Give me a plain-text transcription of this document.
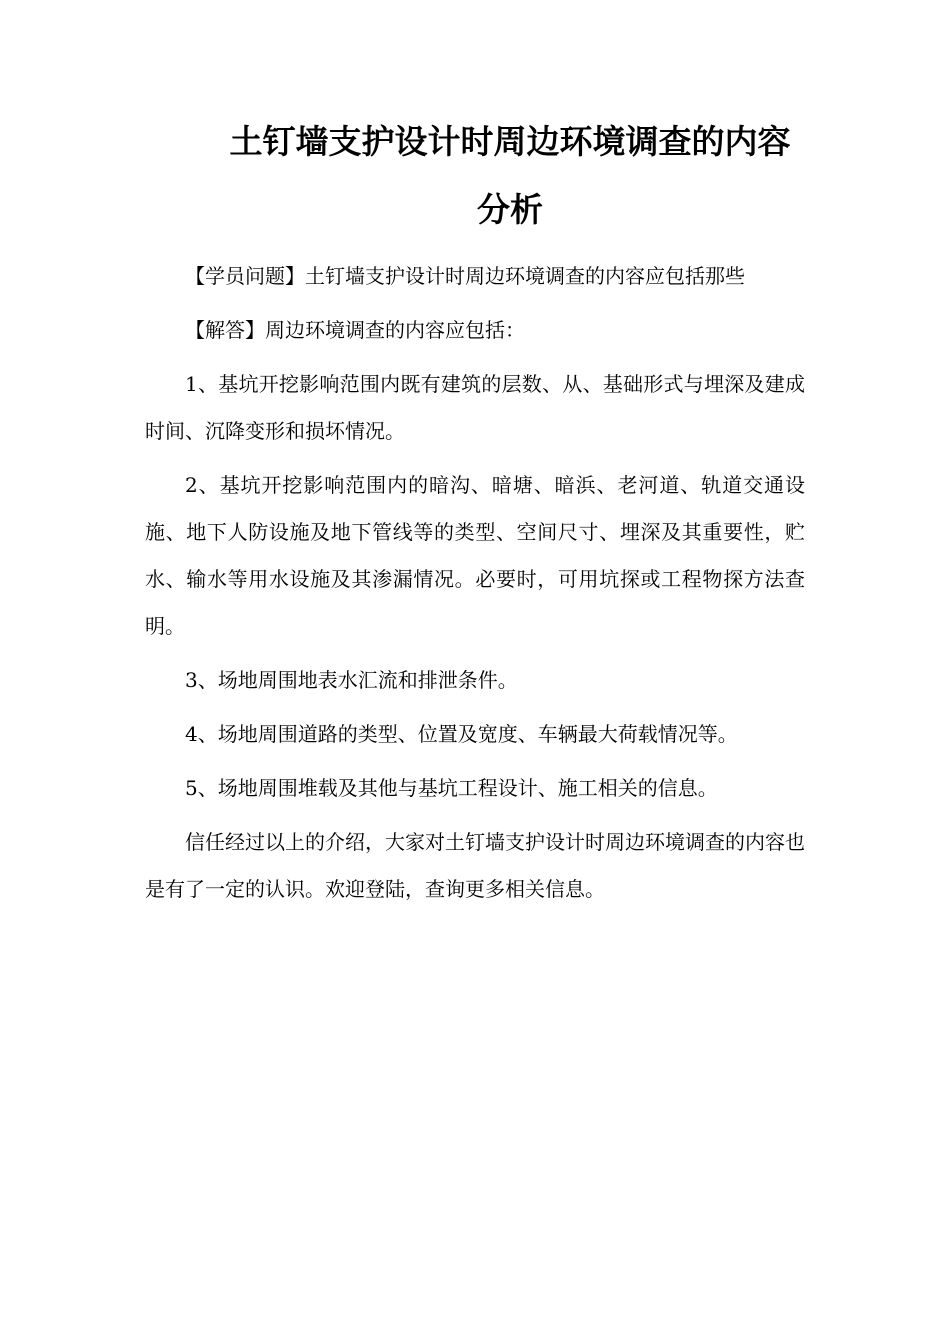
土钉墙支护设计时周边环境调查的内容
分析

【学员问题】土钉墙支护设计时周边环境调查的内容应包括那些

【解答】周边环境调查的内容应包括：

1、基坑开挖影响范围内既有建筑的层数、从、基础形式与埋深及建成时间、沉降变形和损坏情况。

2、基坑开挖影响范围内的暗沟、暗塘、暗浜、老河道、轨道交通设施、地下人防设施及地下管线等的类型、空间尺寸、埋深及其重要性，贮水、输水等用水设施及其渗漏情况。必要时，可用坑探或工程物探方法查明。

3、场地周围地表水汇流和排泄条件。

4、场地周围道路的类型、位置及宽度、车辆最大荷载情况等。

5、场地周围堆载及其他与基坑工程设计、施工相关的信息。

信任经过以上的介绍，大家对土钉墙支护设计时周边环境调查的内容也是有了一定的认识。欢迎登陆，查询更多相关信息。
